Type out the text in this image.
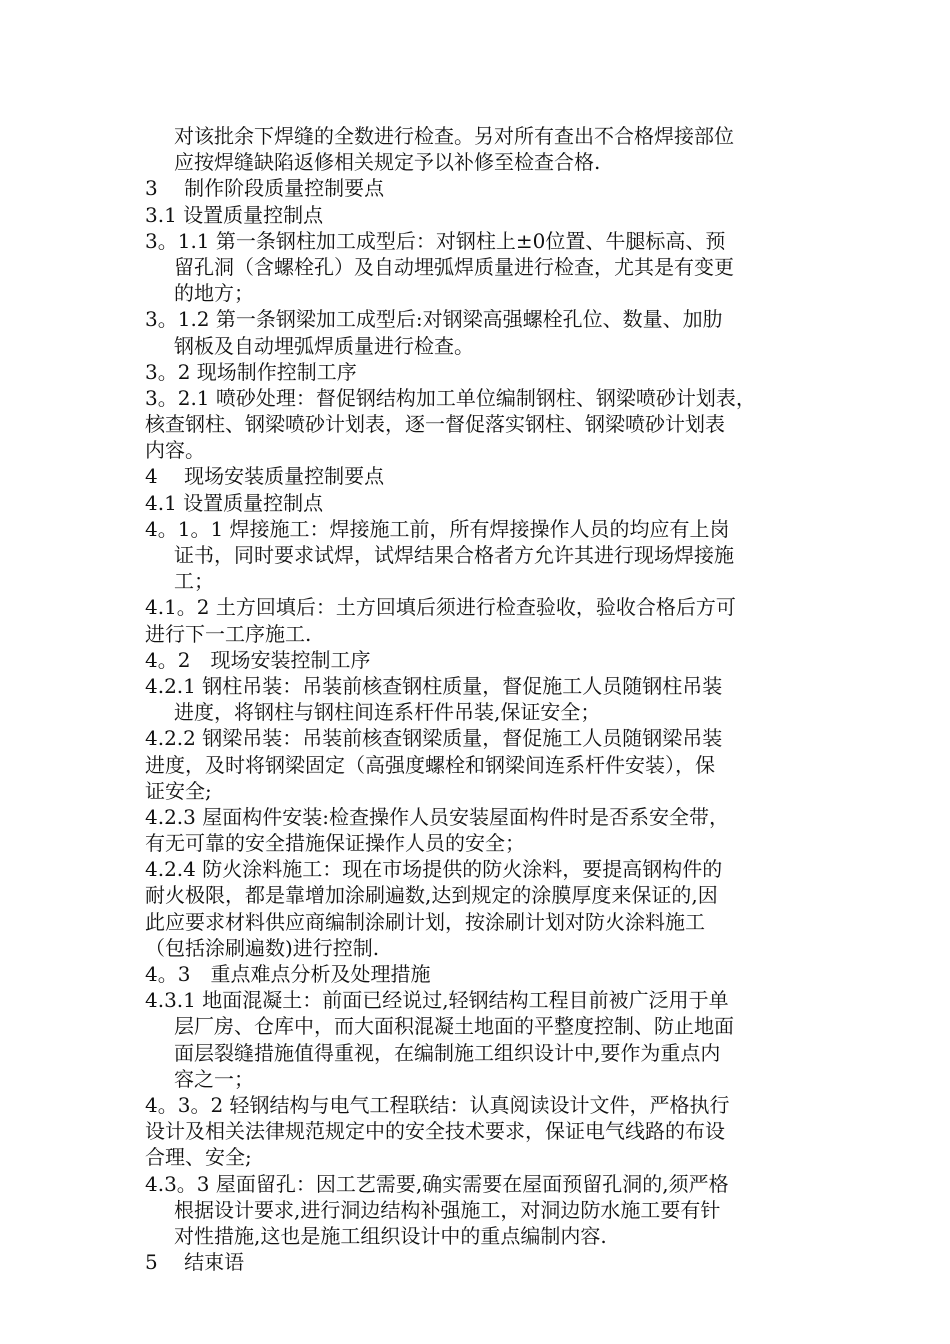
对该批余下焊缝的全数进行检查。另对所有查出不合格焊接部位
应按焊缝缺陷返修相关规定予以补修至检查合格.
3　 制作阶段质量控制要点
3.1 设置质量控制点
3。1.1 第一条钢柱加工成型后：对钢柱上±0位置、牛腿标高、预
留孔洞（含螺栓孔）及自动埋弧焊质量进行检查，尤其是有变更
的地方；
3。1.2 第一条钢梁加工成型后:对钢梁高强螺栓孔位、数量、加肋
钢板及自动埋弧焊质量进行检查。
3。2 现场制作控制工序
3。2.1 喷砂处理：督促钢结构加工单位编制钢柱、钢梁喷砂计划表，
核查钢柱、钢梁喷砂计划表，逐一督促落实钢柱、钢梁喷砂计划表
内容。
4　 现场安装质量控制要点
4.1 设置质量控制点
4。1。1 焊接施工：焊接施工前，所有焊接操作人员的均应有上岗
证书，同时要求试焊，试焊结果合格者方允许其进行现场焊接施
工；
4.1。2 土方回填后：土方回填后须进行检查验收，验收合格后方可
进行下一工序施工.
4。2　现场安装控制工序
4.2.1 钢柱吊装：吊装前核查钢柱质量，督促施工人员随钢柱吊装
进度，将钢柱与钢柱间连系杆件吊装,保证安全；
4.2.2 钢梁吊装：吊装前核查钢梁质量，督促施工人员随钢梁吊装
进度，及时将钢梁固定（高强度螺栓和钢梁间连系杆件安装），保
证安全;
4.2.3 屋面构件安装:检查操作人员安装屋面构件时是否系安全带，
有无可靠的安全措施保证操作人员的安全；
4.2.4 防火涂料施工：现在市场提供的防火涂料，要提高钢构件的
耐火极限，都是靠增加涂刷遍数,达到规定的涂膜厚度来保证的,因
此应要求材料供应商编制涂刷计划，按涂刷计划对防火涂料施工
（包括涂刷遍数)进行控制.
4。3　重点难点分析及处理措施
4.3.1 地面混凝土：前面已经说过,轻钢结构工程目前被广泛用于单
层厂房、仓库中，而大面积混凝土地面的平整度控制、防止地面
面层裂缝措施值得重视，在编制施工组织设计中,要作为重点内
容之一；
4。3。2 轻钢结构与电气工程联结：认真阅读设计文件，严格执行
设计及相关法律规范规定中的安全技术要求，保证电气线路的布设
合理、安全;
4.3。3 屋面留孔：因工艺需要,确实需要在屋面预留孔洞的,须严格
根据设计要求,进行洞边结构补强施工，对洞边防水施工要有针
对性措施,这也是施工组织设计中的重点编制内容.
5　 结束语
